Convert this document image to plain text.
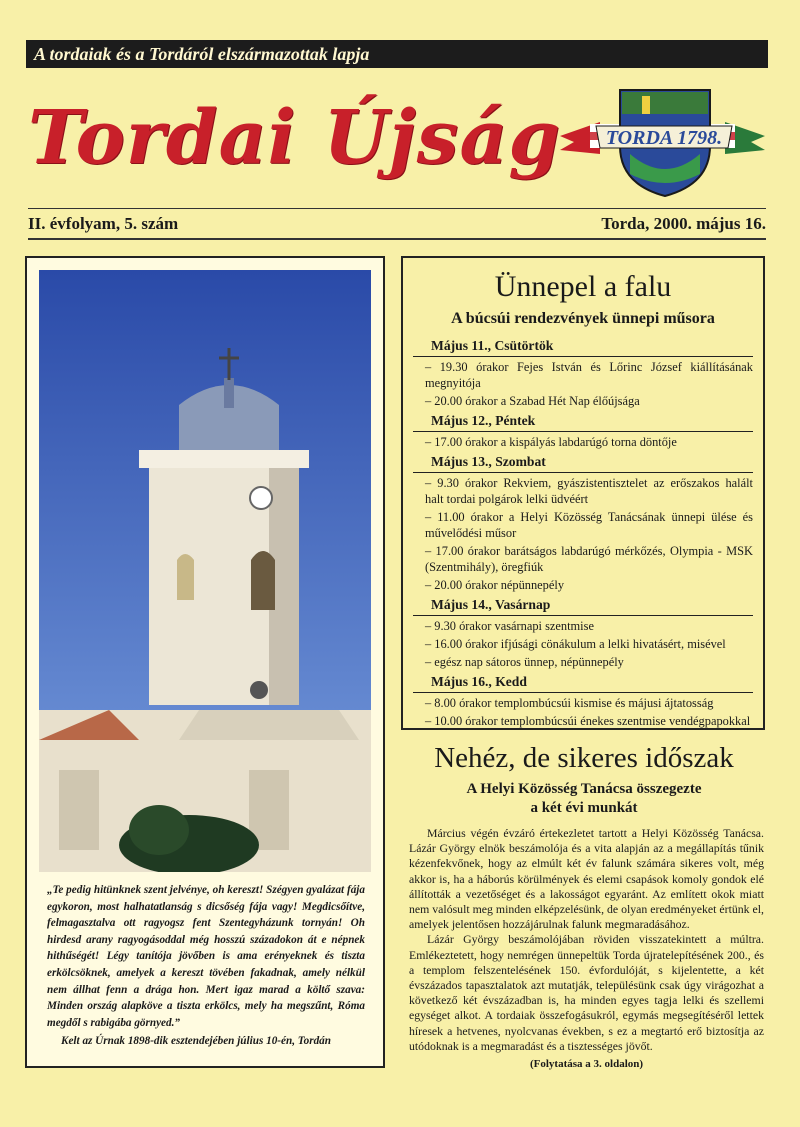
A tordaiak és a Tordáról elszármazottak lapja
Tordai Újság TORDA 1798.
II. évfolyam, 5. szám	Torda, 2000. május 16.
„Te pedig hitünknek szent jelvénye, oh kereszt! Szégyen gyalázat fája egykoron, most halhatatlanság s dicsőség fája vagy! Megdicsőítve, felmagasztalva ott ragyogsz fent Szentegyházunk tornyán! Oh hirdesd arany ragyogásoddal még hosszú századokon át e népnek hithűségét! Légy tanítója jövőben is ama erényeknek és tiszta erkölcsöknek, amelyek a kereszt tövében fakadnak, amely nélkül nem állhat fenn a drága hon. Mert igaz marad a költő szava: Minden ország alapköve a tiszta erkölcs, mely ha megszűnt, Róma megdől s rabigába görnyed.”
Kelt az Úrnak 1898-dik esztendejében július 10-én, Tordán
Ünnepel a falu
A búcsúi rendezvények ünnepi műsora
Május 11., Csütörtök
– 19.30 órakor Fejes István és Lőrinc József kiállításának megnyitója
– 20.00 órakor a Szabad Hét Nap élőújsága
Május 12., Péntek
– 17.00 órakor a kispályás labdarúgó torna döntője
Május 13., Szombat
– 9.30 órakor Rekviem, gyászistentisztelet az erőszakos halált halt tordai polgárok lelki üdvéért
– 11.00 órakor a Helyi Közösség Tanácsának ünnepi ülése és művelődési műsor
– 17.00 órakor barátságos labdarúgó mérkőzés, Olympia - MSK (Szentmihály), öregfiúk
– 20.00 órakor népünnepély
Május 14., Vasárnap
– 9.30 órakor vasárnapi szentmise
– 16.00 órakor ifjúsági cönákulum a lelki hivatásért, misével
– egész nap sátoros ünnep, népünnepély
Május 16., Kedd
– 8.00 órakor templombúcsúi kismise és májusi ájtatosság
– 10.00 órakor templombúcsúi énekes szentmise vendégpapokkal
Nehéz, de sikeres időszak
A Helyi Közösség Tanácsa összegezte
a két évi munkát

Március végén évzáró értekezletet tartott a Helyi Közösség Tanácsa. Lázár György elnök beszámolója és a vita alapján az a megállapítás tűnik kézenfekvőnek, hogy az elmúlt két év falunk számára sikeres volt, még akkor is, ha a háborús körülmények és elemi csapások komoly gondok elé állították a vezetőséget és a lakosságot egyaránt. Az említett okok miatt nem valósult meg minden elképzelésünk, de olyan eredményeket értünk el, amelyek jelentősen hozzájárulnak falunk megmaradásához.

Lázár György beszámolójában röviden visszatekintett a múltra. Emlékeztetett, hogy nemrégen ünnepeltük Torda újratelepítésének 200., és a templom felszentelésének 150. évfordulóját, s kijelentette, a két évszázados tapasztalatok azt mutatják, településünk csak úgy virágozhat a következő két évszázadban is, ha minden egyes tagja lelki és szellemi egységet alkot. A tordaiak összefogásukról, egymás megsegítéséről lettek híresek a hetvenes, nyolcvanas években, s ez a megtartó erő biztosítja az utódoknak is a megmaradást és a tisztességes jövőt.

(Folytatása a 3. oldalon)
